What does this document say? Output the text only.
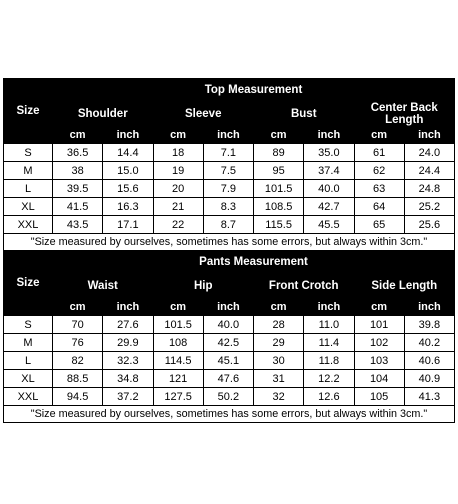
Size	Top Measurement							
	Shoulder		Sleeve		Bust		Center Back Length	
	cm	inch	cm	inch	cm	inch	cm	inch
S	36.5	14.4	18	7.1	89	35.0	61	24.0
M	38	15.0	19	7.5	95	37.4	62	24.4
L	39.5	15.6	20	7.9	101.5	40.0	63	24.8
XL	41.5	16.3	21	8.3	108.5	42.7	64	25.2
XXL	43.5	17.1	22	8.7	115.5	45.5	65	25.6
"Size measured by ourselves, sometimes has some errors, but always within 3cm."								
Size	Pants Measurement							
	Waist		Hip		Front Crotch		Side Length	
	cm	inch	cm	inch	cm	inch	cm	inch
S	70	27.6	101.5	40.0	28	11.0	101	39.8
M	76	29.9	108	42.5	29	11.4	102	40.2
L	82	32.3	114.5	45.1	30	11.8	103	40.6
XL	88.5	34.8	121	47.6	31	12.2	104	40.9
XXL	94.5	37.2	127.5	50.2	32	12.6	105	41.3
"Size measured by ourselves, sometimes has some errors, but always within 3cm."								
